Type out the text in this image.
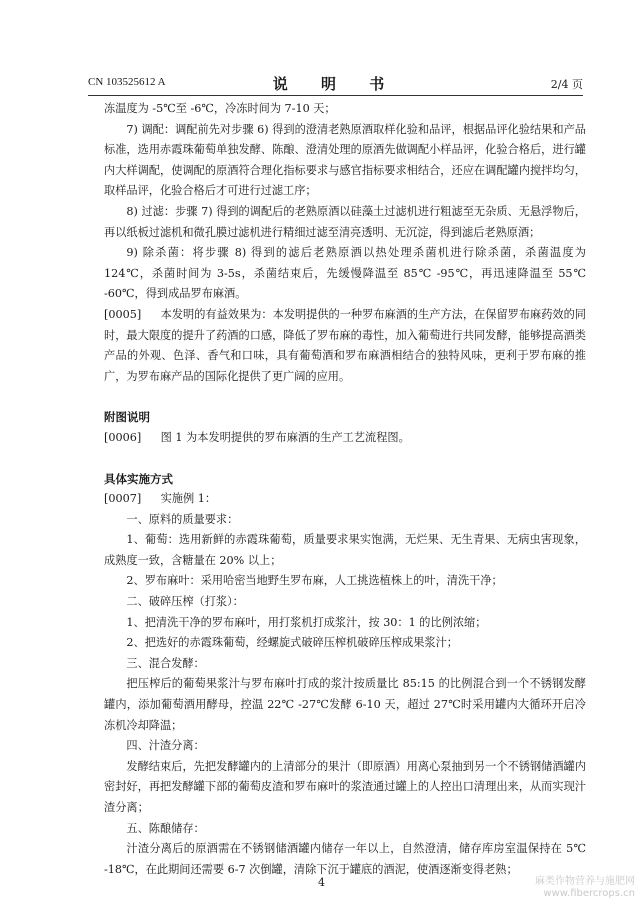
CN 103525612 A	说 明 书	2/4 页

冻温度为 -5℃至 -6℃，冷冻时间为 7-10 天；

7) 调配：调配前先对步骤 6) 得到的澄清老熟原酒取样化验和品评，根据品评化验结果和产品标准，选用赤霞珠葡萄单独发酵、陈酿、澄清处理的原酒先做调配小样品评，化验合格后，进行罐内大样调配，使调配的原酒符合理化指标要求与感官指标要求相结合，还应在调配罐内搅拌均匀，取样品评，化验合格后才可进行过滤工序；

8) 过滤：步骤 7) 得到的调配后的老熟原酒以硅藻土过滤机进行粗滤至无杂质、无悬浮物后，再以纸板过滤机和微孔膜过滤机进行精细过滤至清亮透明、无沉淀，得到滤后老熟原酒；

9) 除杀菌：将步骤 8) 得到的滤后老熟原酒以热处理杀菌机进行除杀菌，杀菌温度为 124℃，杀菌时间为 3-5s，杀菌结束后，先缓慢降温至 85℃ -95℃，再迅速降温至 55℃ -60℃，得到成品罗布麻酒。

[0005] 本发明的有益效果为：本发明提供的一种罗布麻酒的生产方法，在保留罗布麻药效的同时，最大限度的提升了药酒的口感，降低了罗布麻的毒性，加入葡萄进行共同发酵，能够提高酒类产品的外观、色泽、香气和口味，具有葡萄酒和罗布麻酒相结合的独特风味，更利于罗布麻的推广，为罗布麻产品的国际化提供了更广阔的应用。

附图说明

[0006] 图 1 为本发明提供的罗布麻酒的生产工艺流程图。

具体实施方式

[0007] 实施例 1：

一、原料的质量要求：

1、葡萄：选用新鲜的赤霞珠葡萄，质量要求果实饱满，无烂果、无生青果、无病虫害现象，成熟度一致，含糖量在 20% 以上；

2、罗布麻叶：采用哈密当地野生罗布麻，人工挑选植株上的叶，清洗干净；

二、破碎压榨（打浆）：

1、把清洗干净的罗布麻叶，用打浆机打成浆汁，按 30：1 的比例浓缩；

2、把选好的赤霞珠葡萄，经螺旋式破碎压榨机破碎压榨成果浆汁；

三、混合发酵：

把压榨后的葡萄果浆汁与罗布麻叶打成的浆汁按质量比 85:15 的比例混合到一个不锈钢发酵罐内，添加葡萄酒用酵母，控温 22℃ -27℃发酵 6-10 天，超过 27℃时采用罐内大循环开启冷冻机冷却降温；

四、汁渣分离：

发酵结束后，先把发酵罐内的上清部分的果汁（即原酒）用离心泵抽到另一个不锈钢储酒罐内密封好，再把发酵罐下部的葡萄皮渣和罗布麻叶的浆渣通过罐上的人控出口清理出来，从而实现汁渣分离；

五、陈酿储存：

汁渣分离后的原酒需在不锈钢储酒罐内储存一年以上，自然澄清，储存库房室温保持在 5℃ -18℃，在此期间还需要 6-7 次倒罐，清除下沉于罐底的酒泥，使酒逐渐变得老熟；

4	麻类作物营养与施肥网
www.fibercrops.cn
